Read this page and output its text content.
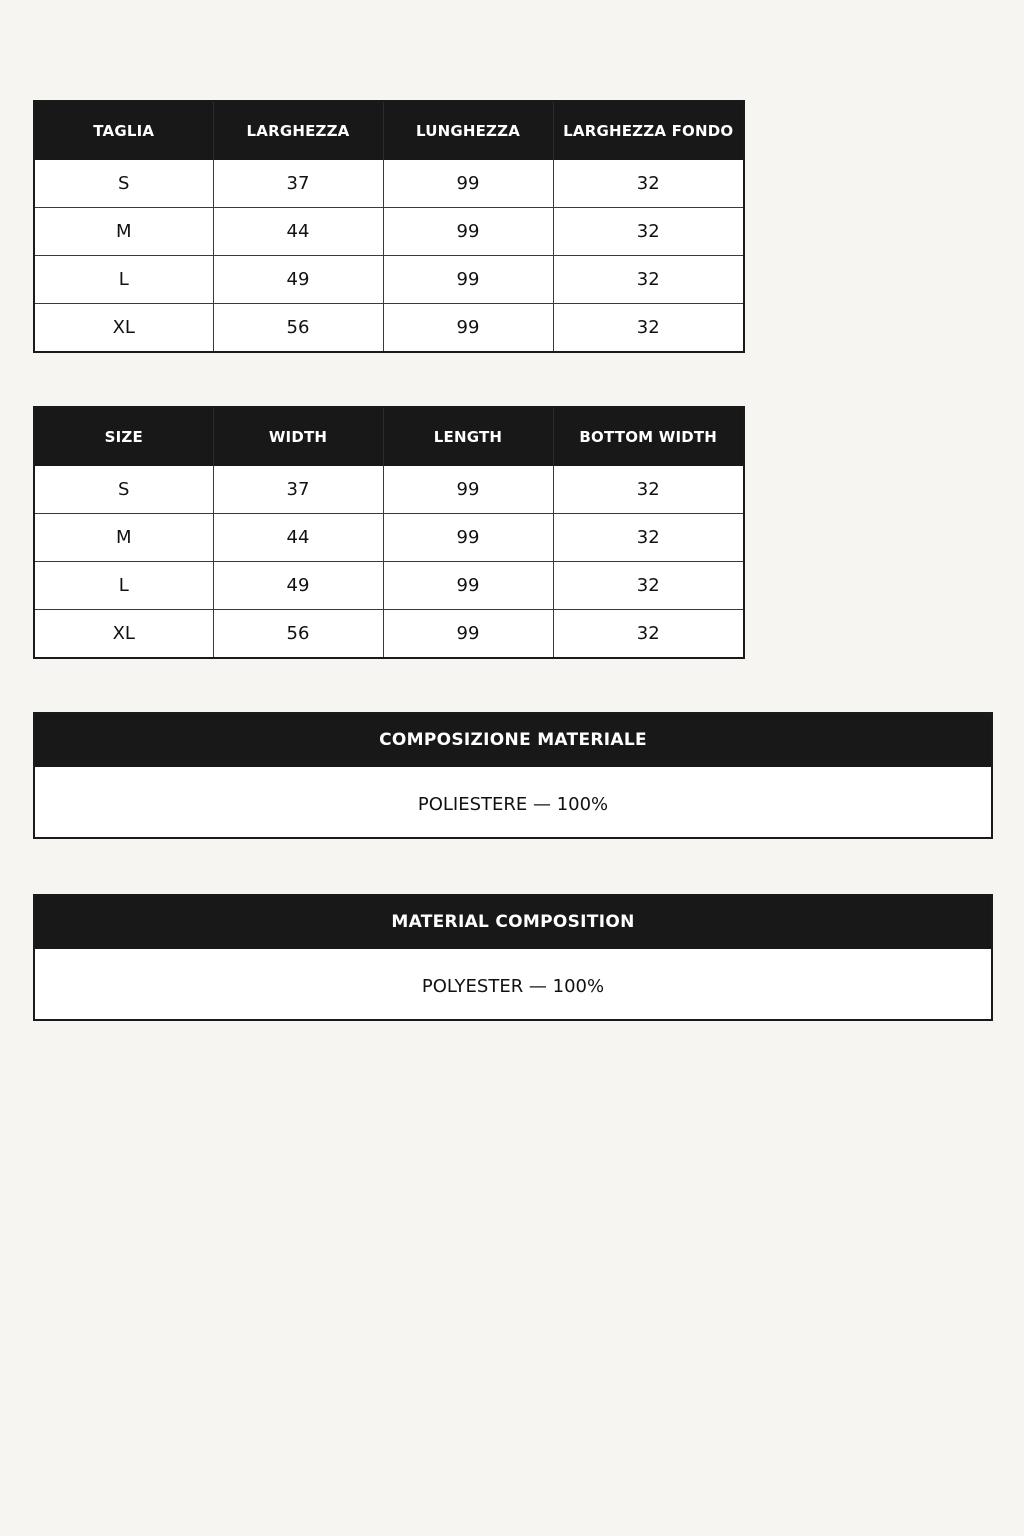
TAGLIA	LARGHEZZA	LUNGHEZZA	LARGHEZZA FONDO
S	37	99	32
M	44	99	32
L	49	99	32
XL	56	99	32
SIZE	WIDTH	LENGTH	BOTTOM WIDTH
S	37	99	32
M	44	99	32
L	49	99	32
XL	56	99	32
COMPOSIZIONE MATERIALE
POLIESTERE — 100%
MATERIAL COMPOSITION
POLYESTER — 100%
